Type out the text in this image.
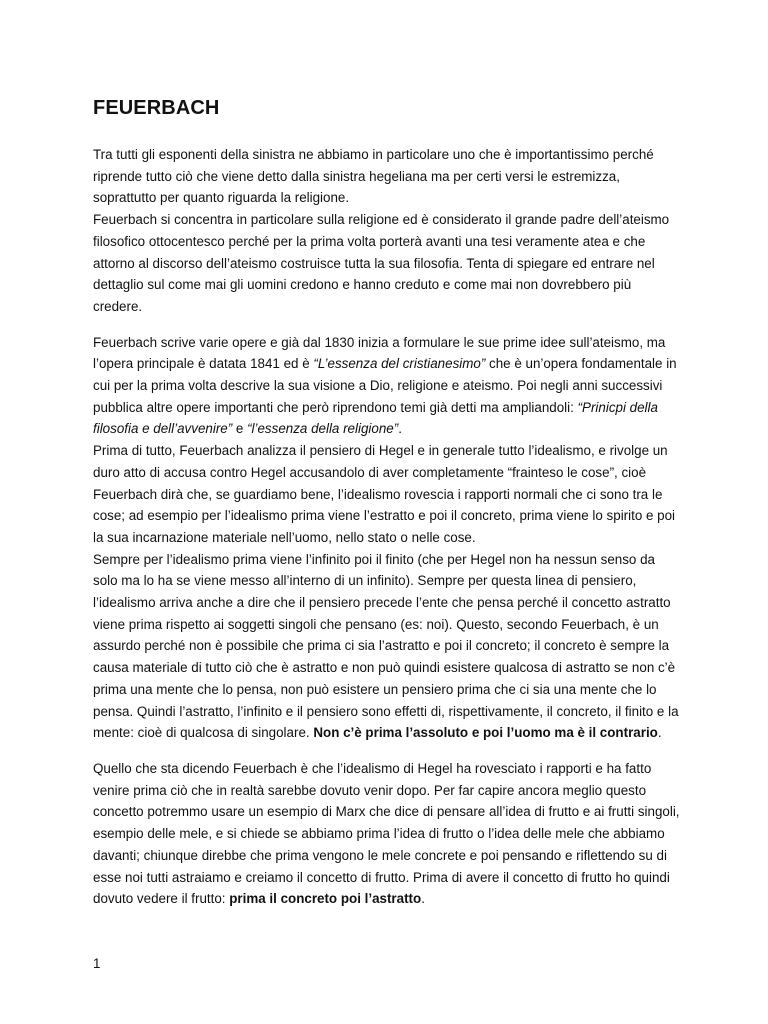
FEUERBACH

Tra tutti gli esponenti della sinistra ne abbiamo in particolare uno che è importantissimo perché riprende tutto ciò che viene detto dalla sinistra hegeliana ma per certi versi le estremizza, soprattutto per quanto riguarda la religione.

Feuerbach si concentra in particolare sulla religione ed è considerato il grande padre dell’ateismo filosofico ottocentesco perché per la prima volta porterà avanti una tesi veramente atea e che attorno al discorso dell’ateismo costruisce tutta la sua filosofia. Tenta di spiegare ed entrare nel dettaglio sul come mai gli uomini credono e hanno creduto e come mai non dovrebbero più credere.

Feuerbach scrive varie opere e già dal 1830 inizia a formulare le sue prime idee sull’ateismo, ma l’opera principale è datata 1841 ed è “L’essenza del cristianesimo” che è un’opera fondamentale in cui per la prima volta descrive la sua visione a Dio, religione e ateismo. Poi negli anni successivi pubblica altre opere importanti che però riprendono temi già detti ma ampliandoli: “Prinicpi della filosofia e dell’avvenire” e “l’essenza della religione”.

Prima di tutto, Feuerbach analizza il pensiero di Hegel e in generale tutto l’idealismo, e rivolge un duro atto di accusa contro Hegel accusandolo di aver completamente “frainteso le cose”, cioè Feuerbach dirà che, se guardiamo bene, l’idealismo rovescia i rapporti normali che ci sono tra le cose; ad esempio per l’idealismo prima viene l’estratto e poi il concreto, prima viene lo spirito e poi la sua incarnazione materiale nell’uomo, nello stato o nelle cose.

Sempre per l’idealismo prima viene l’infinito poi il finito (che per Hegel non ha nessun senso da solo ma lo ha se viene messo all’interno di un infinito). Sempre per questa linea di pensiero, l’idealismo arriva anche a dire che il pensiero precede l’ente che pensa perché il concetto astratto viene prima rispetto ai soggetti singoli che pensano (es: noi). Questo, secondo Feuerbach, è un assurdo perché non è possibile che prima ci sia l’astratto e poi il concreto; il concreto è sempre la causa materiale di tutto ciò che è astratto e non può quindi esistere qualcosa di astratto se non c’è prima una mente che lo pensa, non può esistere un pensiero prima che ci sia una mente che lo pensa. Quindi l’astratto, l’infinito e il pensiero sono effetti di, rispettivamente, il concreto, il finito e la mente: cioè di qualcosa di singolare. Non c’è prima l’assoluto e poi l’uomo ma è il contrario.

Quello che sta dicendo Feuerbach è che l’idealismo di Hegel ha rovesciato i rapporti e ha fatto venire prima ciò che in realtà sarebbe dovuto venir dopo. Per far capire ancora meglio questo concetto potremmo usare un esempio di Marx che dice di pensare all’idea di frutto e ai frutti singoli, esempio delle mele, e si chiede se abbiamo prima l’idea di frutto o l’idea delle mele che abbiamo davanti; chiunque direbbe che prima vengono le mele concrete e poi pensando e riflettendo su di esse noi tutti astraiamo e creiamo il concetto di frutto. Prima di avere il concetto di frutto ho quindi dovuto vedere il frutto: prima il concreto poi l’astratto.

1
